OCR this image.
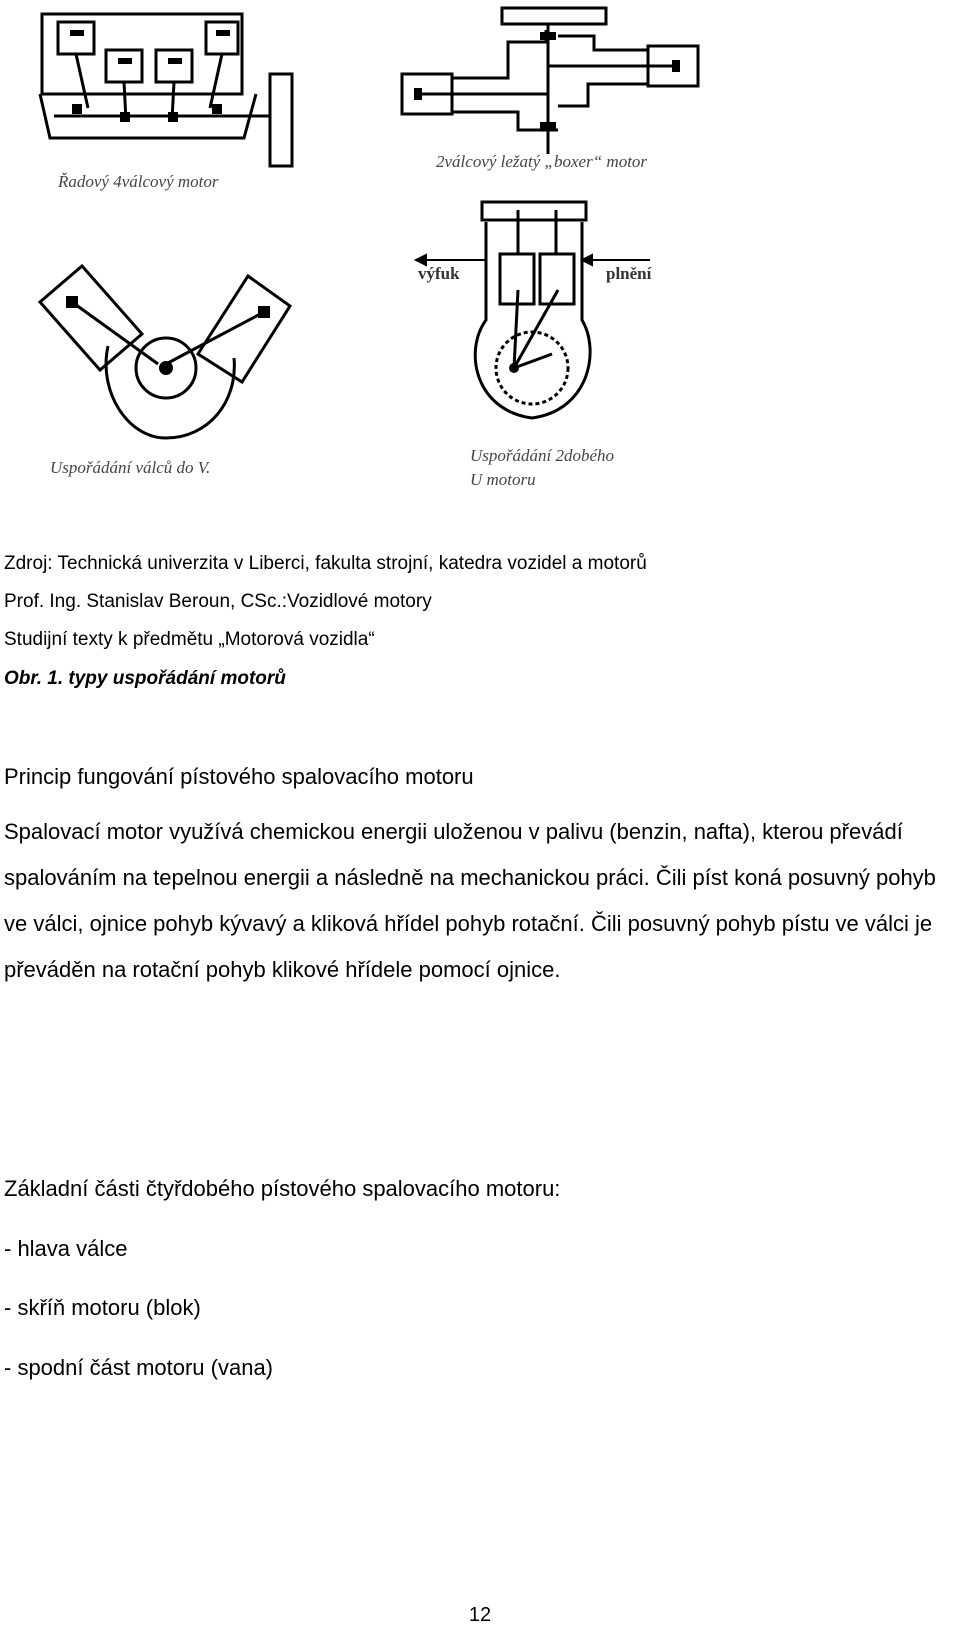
Řadový 4válcový motor
2válcový ležatý „boxer“ motor
Uspořádání válců do V.
výfuk	plnění
Uspořádání 2dobého
U motoru
Zdroj: Technická univerzita v Liberci, fakulta strojní, katedra vozidel a motorů
Prof. Ing. Stanislav Beroun, CSc.:Vozidlové motory
Studijní texty k předmětu „Motorová vozidla“
Obr. 1. typy uspořádání motorů
Princip fungování pístového spalovacího motoru
Spalovací motor využívá chemickou energii uloženou v palivu (benzin, nafta), kterou převádí spalováním na tepelnou energii a následně na mechanickou práci. Čili píst koná posuvný pohyb ve válci, ojnice pohyb kývavý a kliková hřídel pohyb rotační. Čili posuvný pohyb pístu ve válci je převáděn na rotační pohyb klikové hřídele pomocí ojnice.
Základní části čtyřdobého pístového spalovacího motoru:
- hlava válce
- skříň motoru (blok)
- spodní část motoru (vana)
12
